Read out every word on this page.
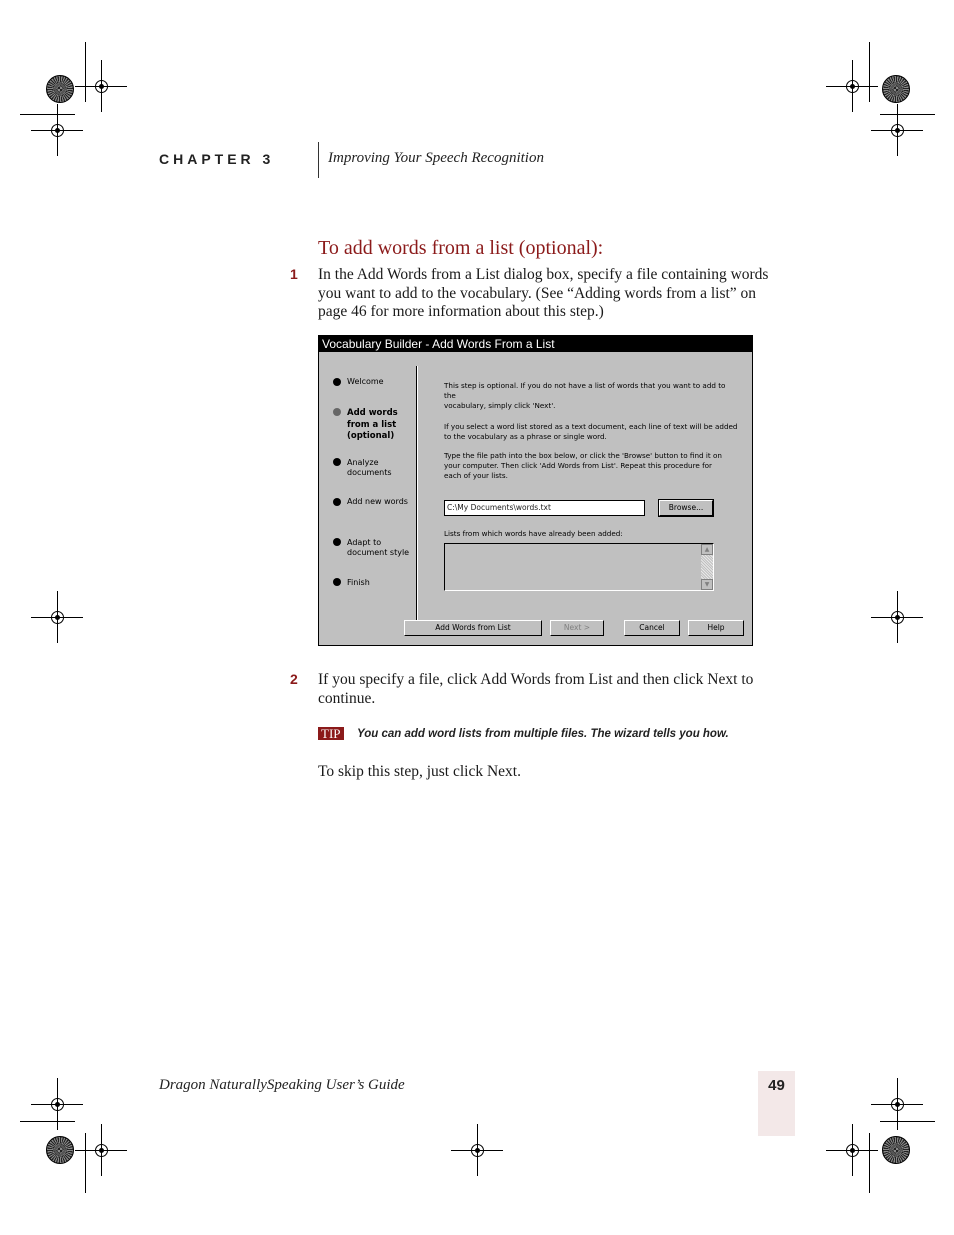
CHAPTER 3	Improving Your Speech Recognition
To add words from a list (optional):
1 In the Add Words from a List dialog box, specify a file containing words
you want to add to the vocabulary. (See “Adding words from a list” on
page 46 for more information about this step.)
Vocabulary Builder - Add Words From a List
Welcome
Add words
from a list
(optional)
Analyze
documents
Add new words
Adapt to
document style
Finish
This step is optional. If you do not have a list of words that you want to add to the
vocabulary, simply click 'Next'.
If you select a word list stored as a text document, each line of text will be added
to the vocabulary as a phrase or single word.
Type the file path into the box below, or click the 'Browse' button to find it on
your computer. Then click 'Add Words from List'. Repeat this procedure for
each of your lists.
C:\My Documents\words.txt	Browse...
Lists from which words have already been added:
▲
▼
Add Words from List	Next >	Cancel	Help
2 If you specify a file, click Add Words from List and then click Next to
continue.
TIP You can add word lists from multiple files. The wizard tells you how.
To skip this step, just click Next.
Dragon NaturallySpeaking User’s Guide	49
